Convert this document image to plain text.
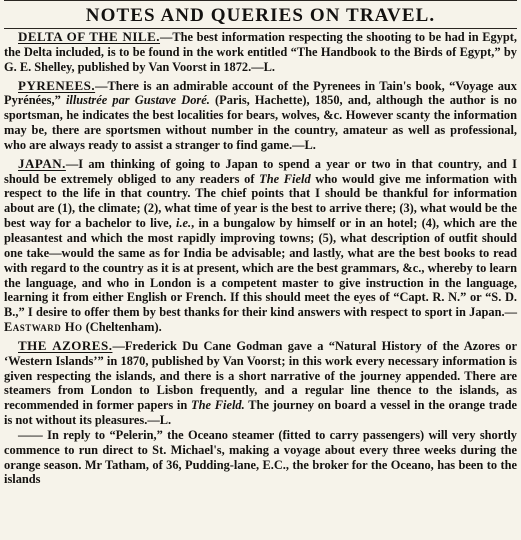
NOTES AND QUERIES ON TRAVEL.

DELTA OF THE NILE.—The best information respecting the shooting to be had in Egypt, the Delta included, is to be found in the work entitled “The Handbook to the Birds of Egypt,” by G. E. Shelley, published by Van Voorst in 1872.—L.

PYRENEES.—There is an admirable account of the Pyrenees in Tain's book, “Voyage aux Pyrénées,” illustrée par Gustave Doré. (Paris, Hachette), 1850, and, although the author is no sportsman, he indicates the best localities for bears, wolves, &c. However scanty the information may be, there are sportsmen without number in the country, amateur as well as professional, who are always ready to assist a stranger to find game.—L.

JAPAN.—I am thinking of going to Japan to spend a year or two in that country, and I should be extremely obliged to any readers of The Field who would give me information with respect to the life in that country. The chief points that I should be thankful for information about are (1), the climate; (2), what time of year is the best to arrive there; (3), what would be the best way for a bachelor to live, i.e., in a bungalow by himself or in an hotel; (4), which are the pleasantest and which the most rapidly improving towns; (5), what description of outfit should one take—would the same as for India be advisable; and lastly, what are the best books to read with regard to the country as it is at present, which are the best grammars, &c., whereby to learn the language, and who in London is a competent master to give instruction in the language, learning it from either English or French. If this should meet the eyes of “Capt. R. N.” or “S. D. B.,” I desire to offer them by best thanks for their kind answers with respect to sport in Japan.—Eastward Ho (Cheltenham).

THE AZORES.—Frederick Du Cane Godman gave a “Natural History of the Azores or ‘Western Islands’” in 1870, published by Van Voorst; in this work every necessary information is given respecting the islands, and there is a short narrative of the journey appended. There are steamers from London to Lisbon frequently, and a regular line thence to the islands, as recommended in former papers in The Field. The journey on board a vessel in the orange trade is not without its pleasures.—L.

—— In reply to “Pelerin,” the Oceano steamer (fitted to carry passengers) will very shortly commence to run direct to St. Michael's, making a voyage about every three weeks during the orange season. Mr Tatham, of 36, Pudding-lane, E.C., the broker for the Oceano, has been to the islands
